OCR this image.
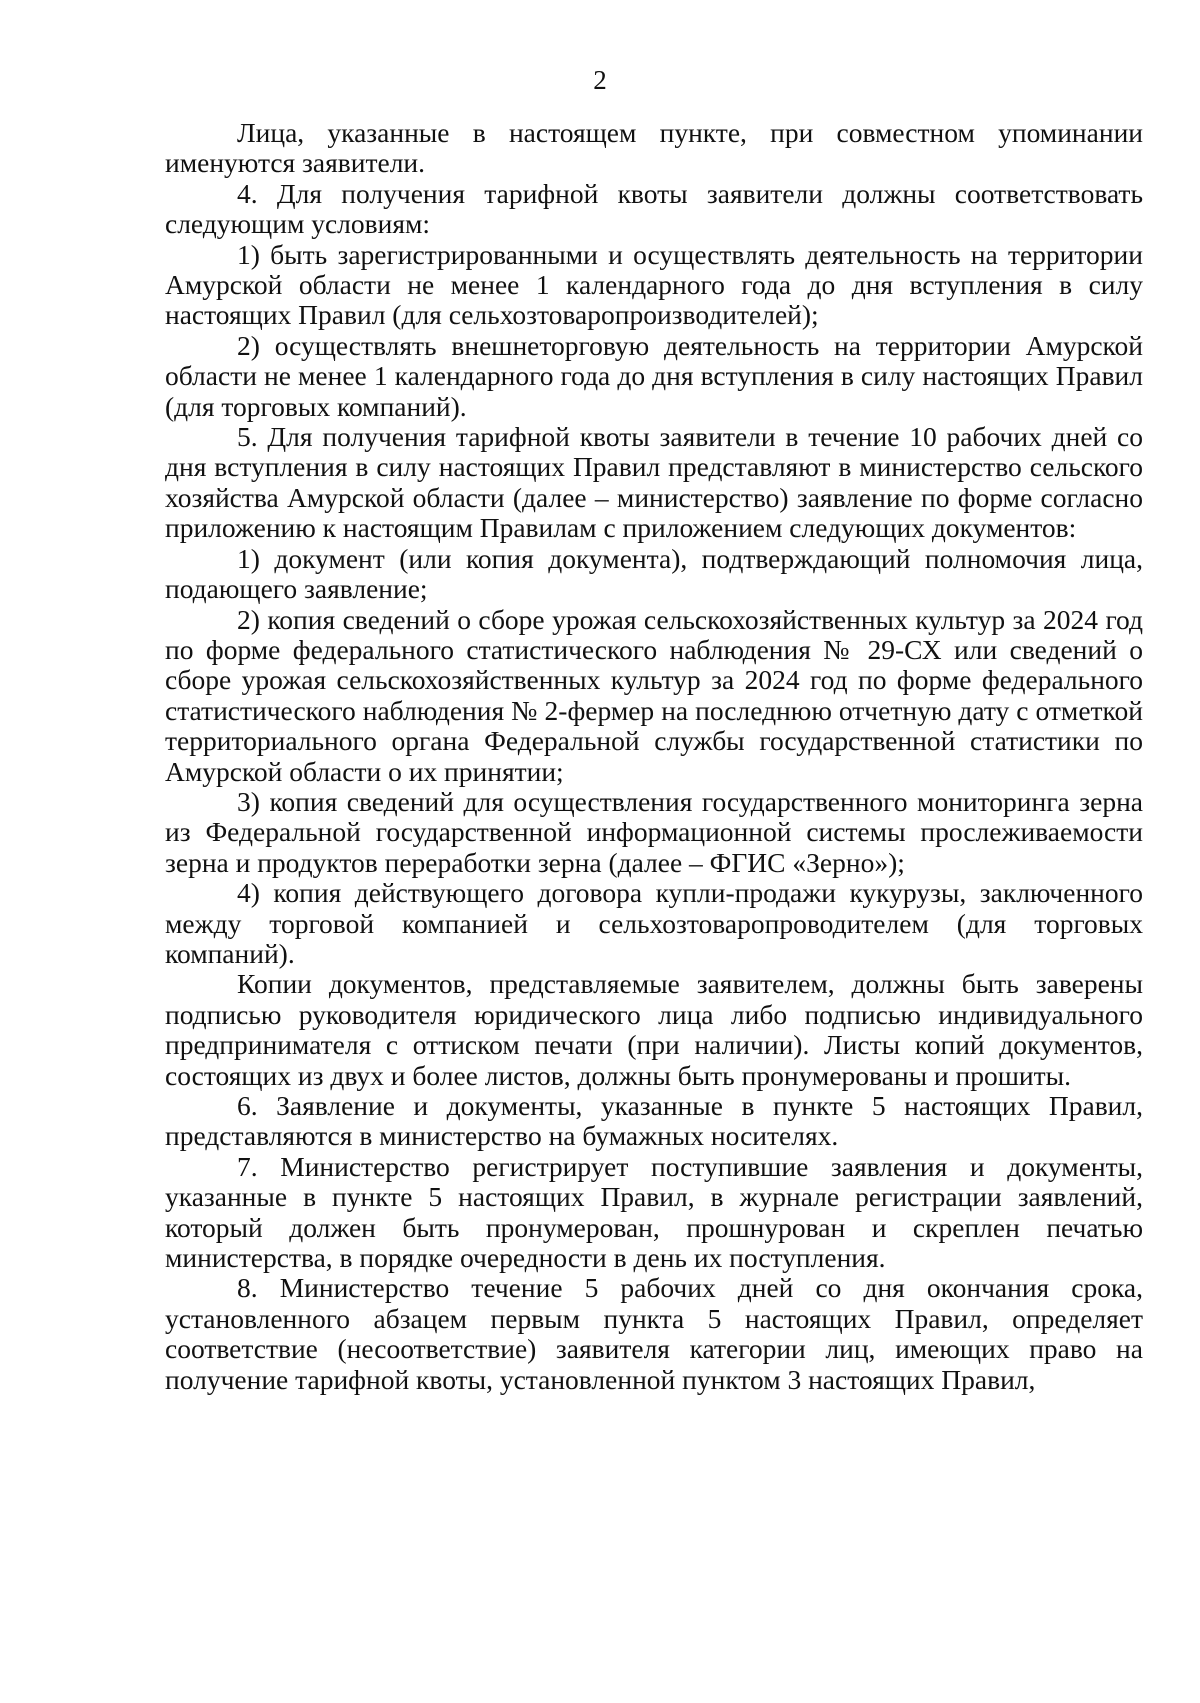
2

Лица, указанные в настоящем пункте, при совместном упоминании именуются заявители.

4. Для получения тарифной квоты заявители должны соответствовать следующим условиям:

1) быть зарегистрированными и осуществлять деятельность на территории Амурской области не менее 1 календарного года до дня вступления в силу настоящих Правил (для сельхозтоваропроизводителей);

2) осуществлять внешнеторговую деятельность на территории Амурской области не менее 1 календарного года до дня вступления в силу настоящих Правил (для торговых компаний).

5. Для получения тарифной квоты заявители в течение 10 рабочих дней со дня вступления в силу настоящих Правил представляют в министерство сельского хозяйства Амурской области (далее – министерство) заявление по форме согласно приложению к настоящим Правилам с приложением следующих документов:

1) документ (или копия документа), подтверждающий полномочия лица, подающего заявление;

2) копия сведений о сборе урожая сельскохозяйственных культур за 2024 год по форме федерального статистического наблюдения № 29-СХ или сведений о сборе урожая сельскохозяйственных культур за 2024 год по форме федерального статистического наблюдения № 2-фермер на последнюю отчетную дату с отметкой территориального органа Федеральной службы государственной статистики по Амурской области о их принятии;

3) копия сведений для осуществления государственного мониторинга зерна из Федеральной государственной информационной системы прослеживаемости зерна и продуктов переработки зерна (далее – ФГИС «Зерно»);

4) копия действующего договора купли-продажи кукурузы, заключенного между торговой компанией и сельхозтоваропроводителем (для торговых компаний).

Копии документов, представляемые заявителем, должны быть заверены подписью руководителя юридического лица либо подписью индивидуального предпринимателя с оттиском печати (при наличии). Листы копий документов, состоящих из двух и более листов, должны быть пронумерованы и прошиты.

6. Заявление и документы, указанные в пункте 5 настоящих Правил, представляются в министерство на бумажных носителях.

7. Министерство регистрирует поступившие заявления и документы, указанные в пункте 5 настоящих Правил, в журнале регистрации заявлений, который должен быть пронумерован, прошнурован и скреплен печатью министерства, в порядке очередности в день их поступления.

8. Министерство течение 5 рабочих дней со дня окончания срока, установленного абзацем первым пункта 5 настоящих Правил, определяет соответствие (несоответствие) заявителя категории лиц, имеющих право на получение тарифной квоты, установленной пунктом 3 настоящих Правил,
